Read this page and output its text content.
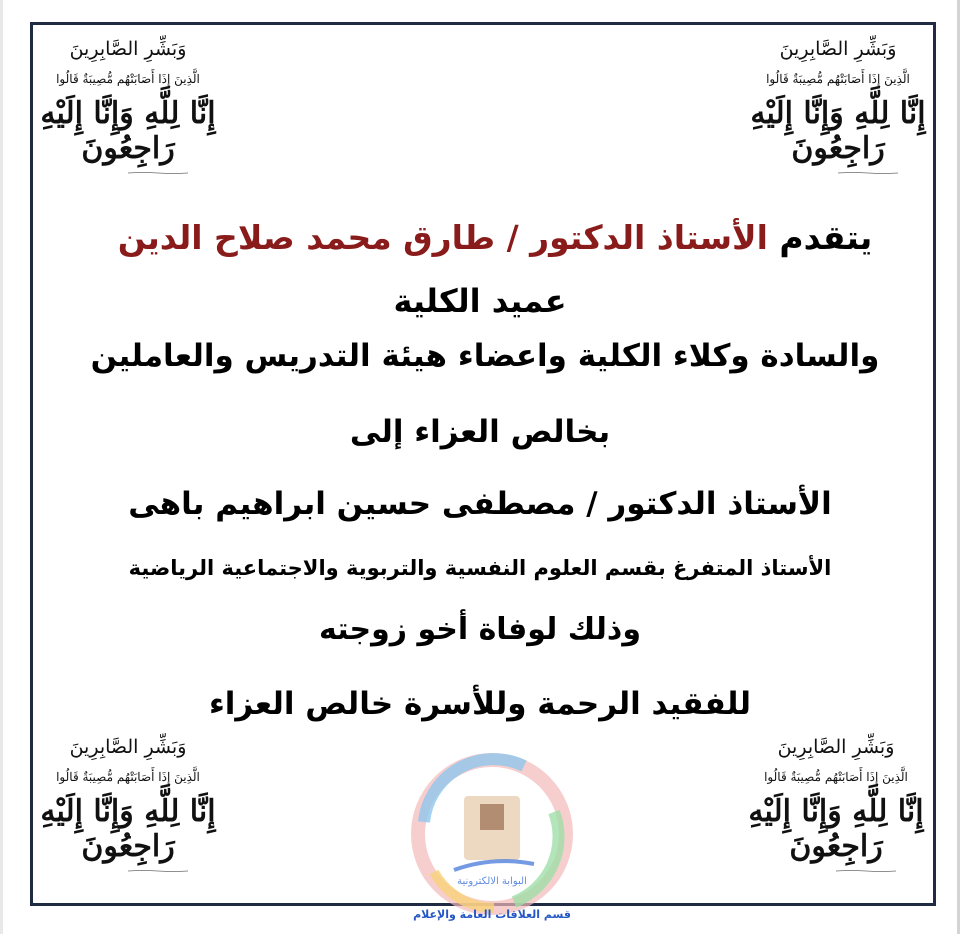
وَبَشِّرِ الصَّابِرِينَ
الَّذِينَ إِذَا أَصَابَتْهُم مُّصِيبَةٌ قَالُوا
إِنَّا لِلَّهِ وَإِنَّا إِلَيْهِ رَاجِعُونَ
وَبَشِّرِ الصَّابِرِينَ
الَّذِينَ إِذَا أَصَابَتْهُم مُّصِيبَةٌ قَالُوا
إِنَّا لِلَّهِ وَإِنَّا إِلَيْهِ رَاجِعُونَ
وَبَشِّرِ الصَّابِرِينَ
الَّذِينَ إِذَا أَصَابَتْهُم مُّصِيبَةٌ قَالُوا
إِنَّا لِلَّهِ وَإِنَّا إِلَيْهِ رَاجِعُونَ
وَبَشِّرِ الصَّابِرِينَ
الَّذِينَ إِذَا أَصَابَتْهُم مُّصِيبَةٌ قَالُوا
إِنَّا لِلَّهِ وَإِنَّا إِلَيْهِ رَاجِعُونَ
يتقدم الأستاذ الدكتور / طارق محمد صلاح الدين
عميد الكلية
والسادة وكلاء الكلية واعضاء هيئة التدريس والعاملين
بخالص العزاء إلى
الأستاذ الدكتور / مصطفى حسين ابراهيم باهى
الأستاذ المتفرغ بقسم العلوم النفسية والتربوية والاجتماعية الرياضية
وذلك لوفاة أخو زوجته
للفقيد الرحمة وللأسرة خالص العزاء
البوابة الالكترونية
قسم العلاقات العامة والإعلام
